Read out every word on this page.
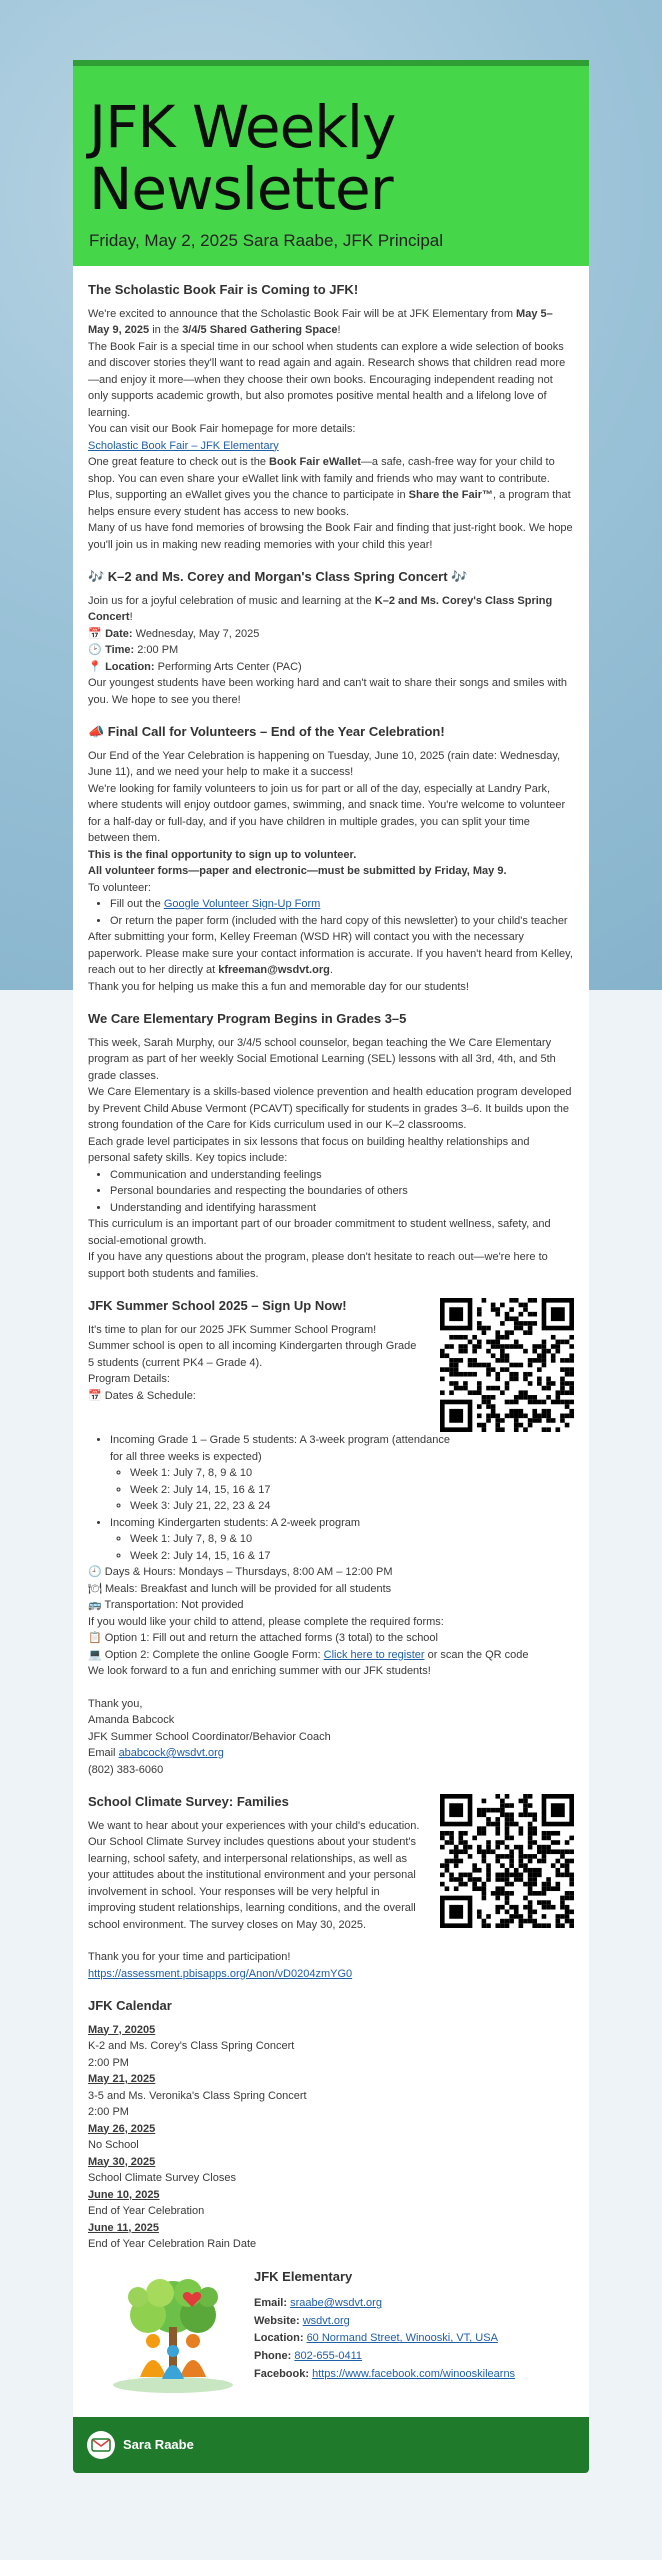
JFK Weekly Newsletter
Friday, May 2, 2025 Sara Raabe, JFK Principal
The Scholastic Book Fair is Coming to JFK!

We're excited to announce that the Scholastic Book Fair will be at JFK Elementary from May 5–May 9, 2025 in the 3/4/5 Shared Gathering Space!

The Book Fair is a special time in our school when students can explore a wide selection of books and discover stories they'll want to read again and again. Research shows that children read more—and enjoy it more—when they choose their own books. Encouraging independent reading not only supports academic growth, but also promotes positive mental health and a lifelong love of learning.

You can visit our Book Fair homepage for more details:

Scholastic Book Fair – JFK Elementary

One great feature to check out is the Book Fair eWallet—a safe, cash-free way for your child to shop. You can even share your eWallet link with family and friends who may want to contribute. Plus, supporting an eWallet gives you the chance to participate in Share the Fair™, a program that helps ensure every student has access to new books.

Many of us have fond memories of browsing the Book Fair and finding that just-right book. We hope you'll join us in making new reading memories with your child this year!

🎶 K–2 and Ms. Corey and Morgan's Class Spring Concert 🎶

Join us for a joyful celebration of music and learning at the K–2 and Ms. Corey's Class Spring Concert!

📅 Date: Wednesday, May 7, 2025

🕑 Time: 2:00 PM

📍 Location: Performing Arts Center (PAC)

Our youngest students have been working hard and can't wait to share their songs and smiles with you. We hope to see you there!

📣 Final Call for Volunteers – End of the Year Celebration!

Our End of the Year Celebration is happening on Tuesday, June 10, 2025 (rain date: Wednesday, June 11), and we need your help to make it a success!

We're looking for family volunteers to join us for part or all of the day, especially at Landry Park, where students will enjoy outdoor games, swimming, and snack time. You're welcome to volunteer for a half-day or full-day, and if you have children in multiple grades, you can split your time between them.

This is the final opportunity to sign up to volunteer.

All volunteer forms—paper and electronic—must be submitted by Friday, May 9.

To volunteer:

• Fill out the Google Volunteer Sign-Up Form
• Or return the paper form (included with the hard copy of this newsletter) to your child's teacher

After submitting your form, Kelley Freeman (WSD HR) will contact you with the necessary paperwork. Please make sure your contact information is accurate. If you haven't heard from Kelley, reach out to her directly at kfreeman@wsdvt.org.

Thank you for helping us make this a fun and memorable day for our students!

We Care Elementary Program Begins in Grades 3–5

This week, Sarah Murphy, our 3/4/5 school counselor, began teaching the We Care Elementary program as part of her weekly Social Emotional Learning (SEL) lessons with all 3rd, 4th, and 5th grade classes.

We Care Elementary is a skills-based violence prevention and health education program developed by Prevent Child Abuse Vermont (PCAVT) specifically for students in grades 3–6. It builds upon the strong foundation of the Care for Kids curriculum used in our K–2 classrooms.

Each grade level participates in six lessons that focus on building healthy relationships and personal safety skills. Key topics include:

• Communication and understanding feelings
• Personal boundaries and respecting the boundaries of others
• Understanding and identifying harassment

This curriculum is an important part of our broader commitment to student wellness, safety, and social-emotional growth.

If you have any questions about the program, please don't hesitate to reach out—we're here to support both students and families.

JFK Summer School 2025 – Sign Up Now!

It's time to plan for our 2025 JFK Summer School Program!

Summer school is open to all incoming Kindergarten through Grade 5 students (current PK4 – Grade 4).

Program Details:

📅 Dates & Schedule:

• Incoming Grade 1 – Grade 5 students: A 3-week program (attendance for all three weeks is expected)
◦ Week 1: July 7, 8, 9 & 10
◦ Week 2: July 14, 15, 16 & 17
◦ Week 3: July 21, 22, 23 & 24
• Incoming Kindergarten students: A 2-week program
◦ Week 1: July 7, 8, 9 & 10
◦ Week 2: July 14, 15, 16 & 17

🕘 Days & Hours: Mondays – Thursdays, 8:00 AM – 12:00 PM

🍽 Meals: Breakfast and lunch will be provided for all students

🚌 Transportation: Not provided

If you would like your child to attend, please complete the required forms:

📋 Option 1: Fill out and return the attached forms (3 total) to the school

💻 Option 2: Complete the online Google Form: Click here to register or scan the QR code

We look forward to a fun and enriching summer with our JFK students!

Thank you,

Amanda Babcock

JFK Summer School Coordinator/Behavior Coach

Email ababcock@wsdvt.org

(802) 383-6060

School Climate Survey: Families

We want to hear about your experiences with your child's education. Our School Climate Survey includes questions about your student's learning, school safety, and interpersonal relationships, as well as your attitudes about the institutional environment and your personal involvement in school. Your responses will be very helpful in improving student relationships, learning conditions, and the overall school environment. The survey closes on May 30, 2025.

Thank you for your time and participation!

https://assessment.pbisapps.org/Anon/vD0204zmYG0

JFK Calendar

May 7, 20205

K-2 and Ms. Corey's Class Spring Concert

2:00 PM

May 21, 2025

3-5 and Ms. Veronika's Class Spring Concert

2:00 PM

May 26, 2025

No School

May 30, 2025

School Climate Survey Closes

June 10, 2025

End of Year Celebration

June 11, 2025

End of Year Celebration Rain Date

JFK Elementary
Email: sraabe@wsdvt.org
Website: wsdvt.org
Location: 60 Normand Street, Winooski, VT, USA
Phone: 802-655-0411
Facebook: https://www.facebook.com/winooskilearns
Sara Raabe
